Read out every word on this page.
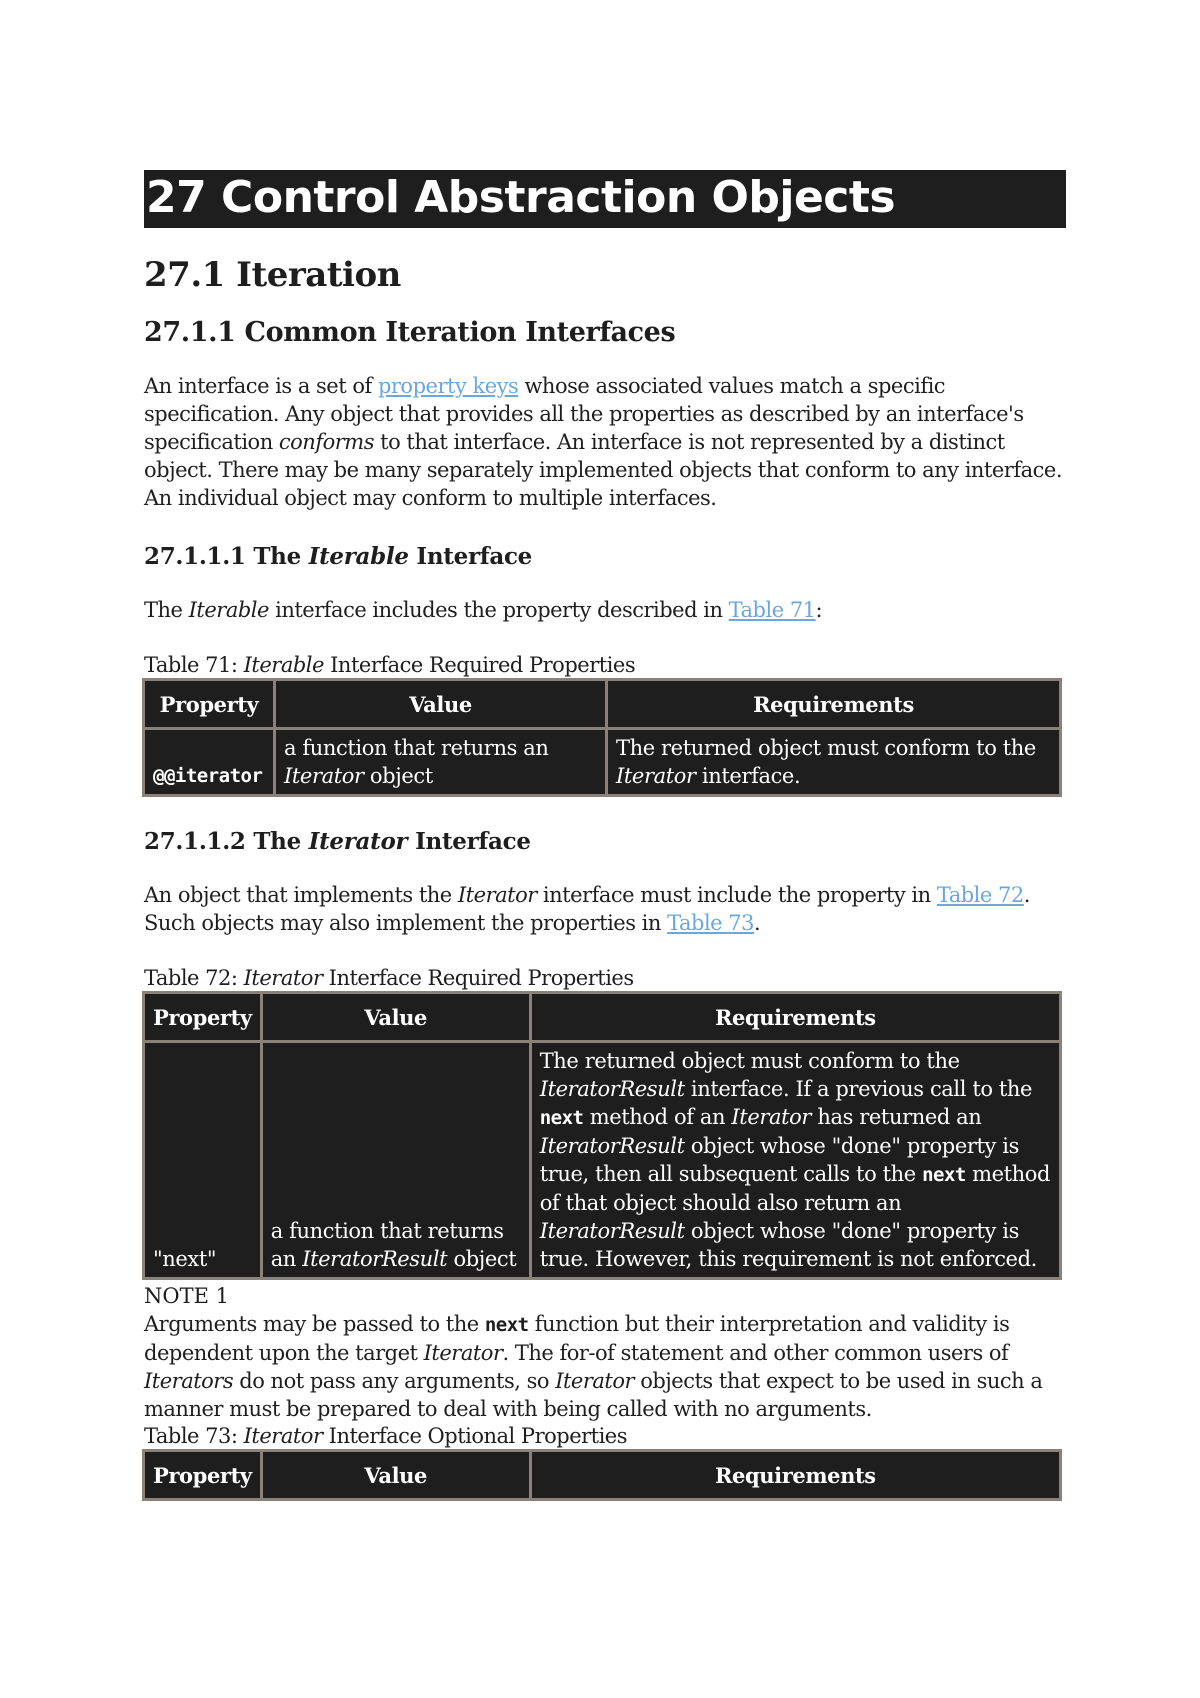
27 Control Abstraction Objects
27.1 Iteration
27.1.1 Common Iteration Interfaces

An interface is a set of property keys whose associated values match a specific specification. Any object that provides all the properties as described by an interface's specification conforms to that interface. An interface is not represented by a distinct object. There may be many separately implemented objects that conform to any interface. An individual object may conform to multiple interfaces.

27.1.1.1 The Iterable Interface

The Iterable interface includes the property described in Table 71:

Table 71: Iterable Interface Required Properties
Property	Value	Requirements
@@iterator	a function that returns an Iterator object	The returned object must conform to the Iterator interface.
27.1.1.2 The Iterator Interface

An object that implements the Iterator interface must include the property in Table 72. Such objects may also implement the properties in Table 73.

Table 72: Iterator Interface Required Properties
Property	Value	Requirements
"next"	a function that returns an IteratorResult object	The returned object must conform to the IteratorResult interface. If a previous call to the next method of an Iterator has returned an IteratorResult object whose "done" property is true, then all subsequent calls to the next method of that object should also return an IteratorResult object whose "done" property is true. However, this requirement is not enforced.
NOTE 1

Arguments may be passed to the next function but their interpretation and validity is dependent upon the target Iterator. The for-of statement and other common users of Iterators do not pass any arguments, so Iterator objects that expect to be used in such a manner must be prepared to deal with being called with no arguments.

Table 73: Iterator Interface Optional Properties
Property	Value	Requirements
